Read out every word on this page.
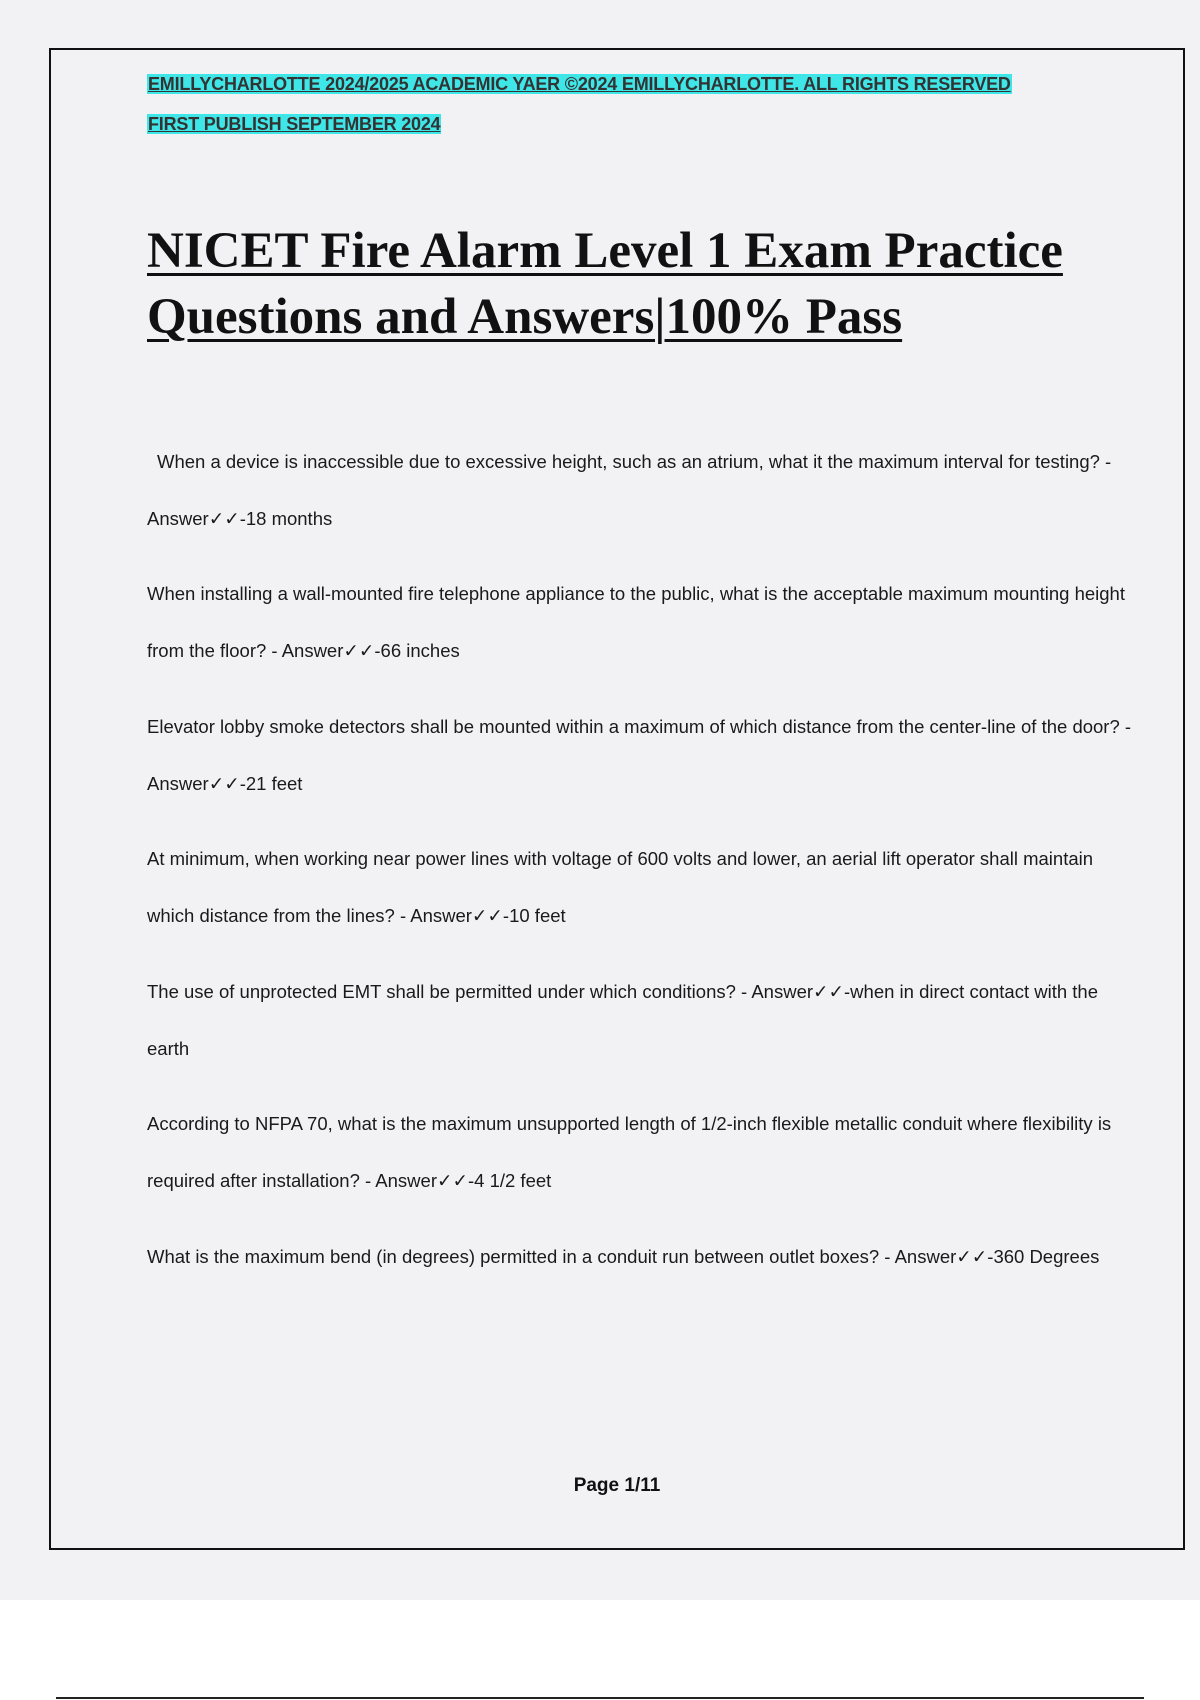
EMILLYCHARLOTTE 2024/2025 ACADEMIC YAER ©2024 EMILLYCHARLOTTE. ALL RIGHTS RESERVED
FIRST PUBLISH SEPTEMBER 2024
NICET Fire Alarm Level 1 Exam Practice Questions and Answers|100% Pass

When a device is inaccessible due to excessive height, such as an atrium, what it the maximum interval for testing? - Answer✓✓-18 months

When installing a wall-mounted fire telephone appliance to the public, what is the acceptable maximum mounting height from the floor? - Answer✓✓-66 inches

Elevator lobby smoke detectors shall be mounted within a maximum of which distance from the center-line of the door? - Answer✓✓-21 feet

At minimum, when working near power lines with voltage of 600 volts and lower, an aerial lift operator shall maintain which distance from the lines? - Answer✓✓-10 feet

The use of unprotected EMT shall be permitted under which conditions? - Answer✓✓-when in direct contact with the earth

According to NFPA 70, what is the maximum unsupported length of 1/2-inch flexible metallic conduit where flexibility is required after installation? - Answer✓✓-4 1/2 feet

What is the maximum bend (in degrees) permitted in a conduit run between outlet boxes? - Answer✓✓-360 Degrees

Page 1/11
